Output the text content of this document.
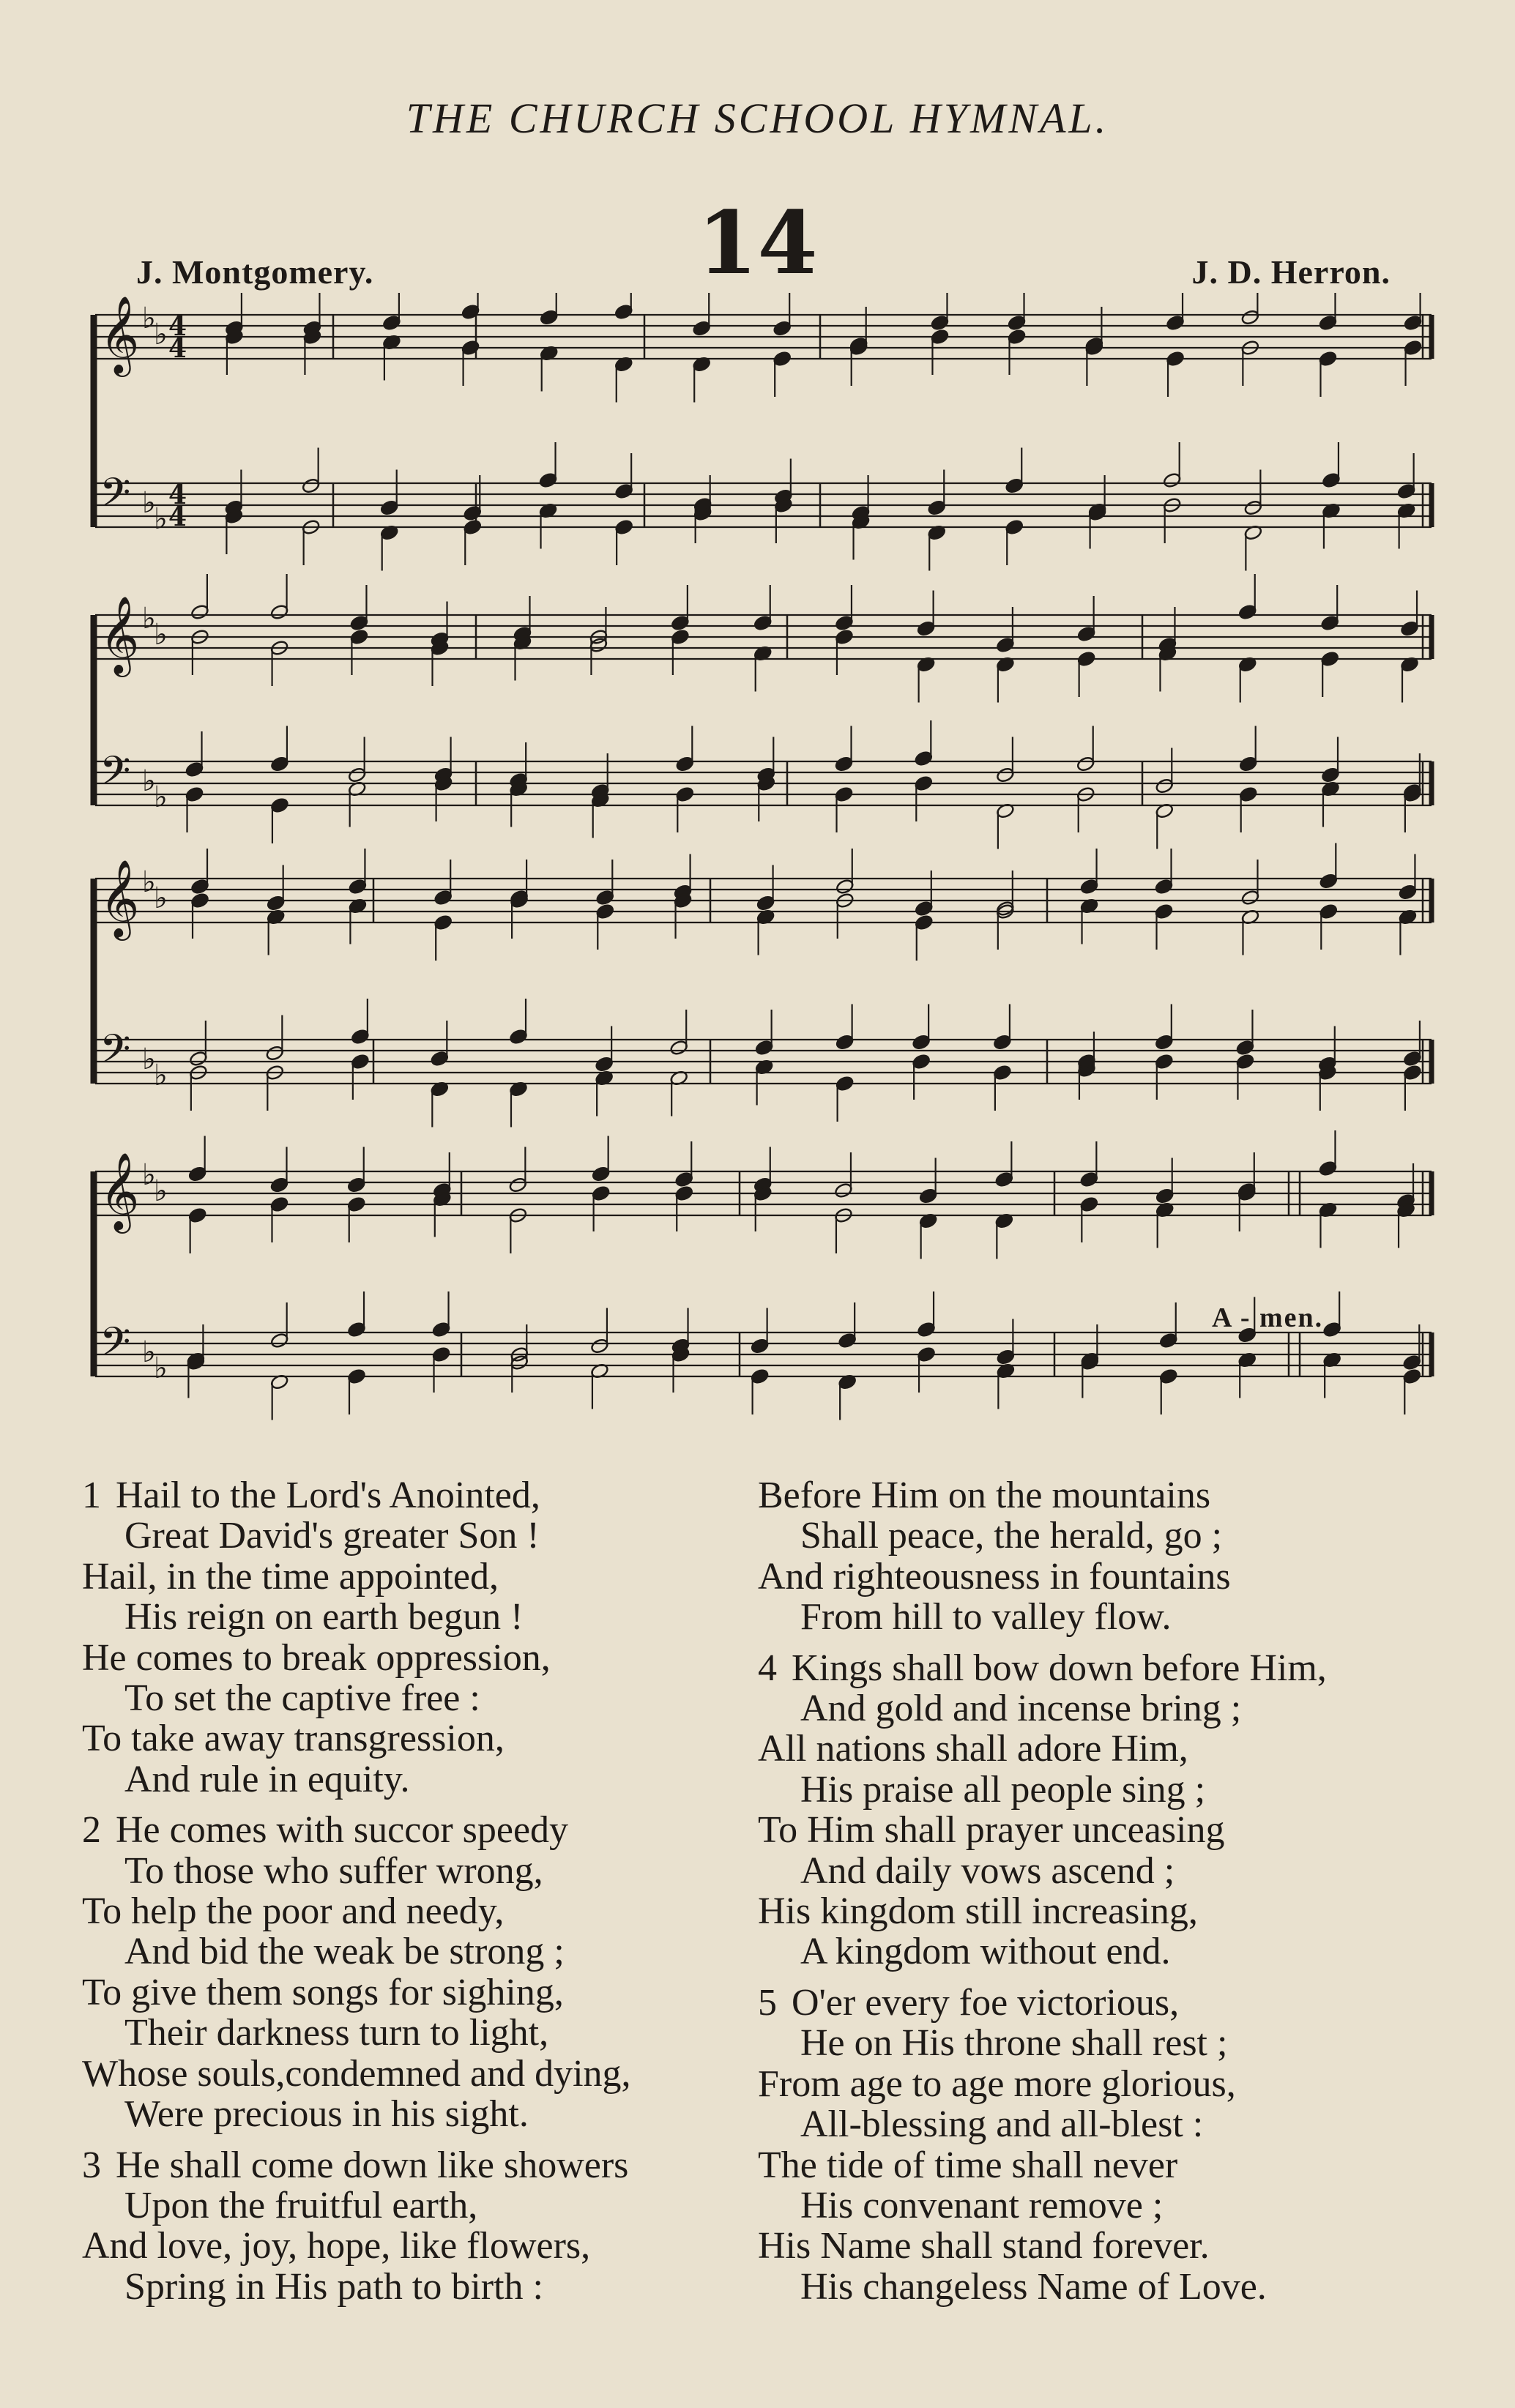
THE CHURCH SCHOOL HYMNAL.
14
J. Montgomery.	J. D. Herron.
𝄞 ♭
♭ 4
4
𝄢 ♭
♭
4
4
𝄞 ♭
♭
𝄢 ♭
♭
𝄞 ♭
♭
𝄢 ♭
♭
𝄞 ♭
♭
𝄢 ♭
♭
A - men.
1 Hail to the Lord's Anointed,
Great David's greater Son !
Hail, in the time appointed,
His reign on earth begun !
He comes to break oppression,
To set the captive free :
To take away transgression,
And rule in equity.
2 He comes with succor speedy
To those who suffer wrong,
To help the poor and needy,
And bid the weak be strong ;
To give them songs for sighing,
Their darkness turn to light,
Whose souls,condemned and dying,
Were precious in his sight.
3 He shall come down like showers
Upon the fruitful earth,
And love, joy, hope, like flowers,
Spring in His path to birth :
Before Him on the mountains
Shall peace, the herald, go ;
And righteousness in fountains
From hill to valley flow.
4 Kings shall bow down before Him,
And gold and incense bring ;
All nations shall adore Him,
His praise all people sing ;
To Him shall prayer unceasing
And daily vows ascend ;
His kingdom still increasing,
A kingdom without end.
5 O'er every foe victorious,
He on His throne shall rest ;
From age to age more glorious,
All-blessing and all-blest :
The tide of time shall never
His convenant remove ;
His Name shall stand forever.
His changeless Name of Love.
